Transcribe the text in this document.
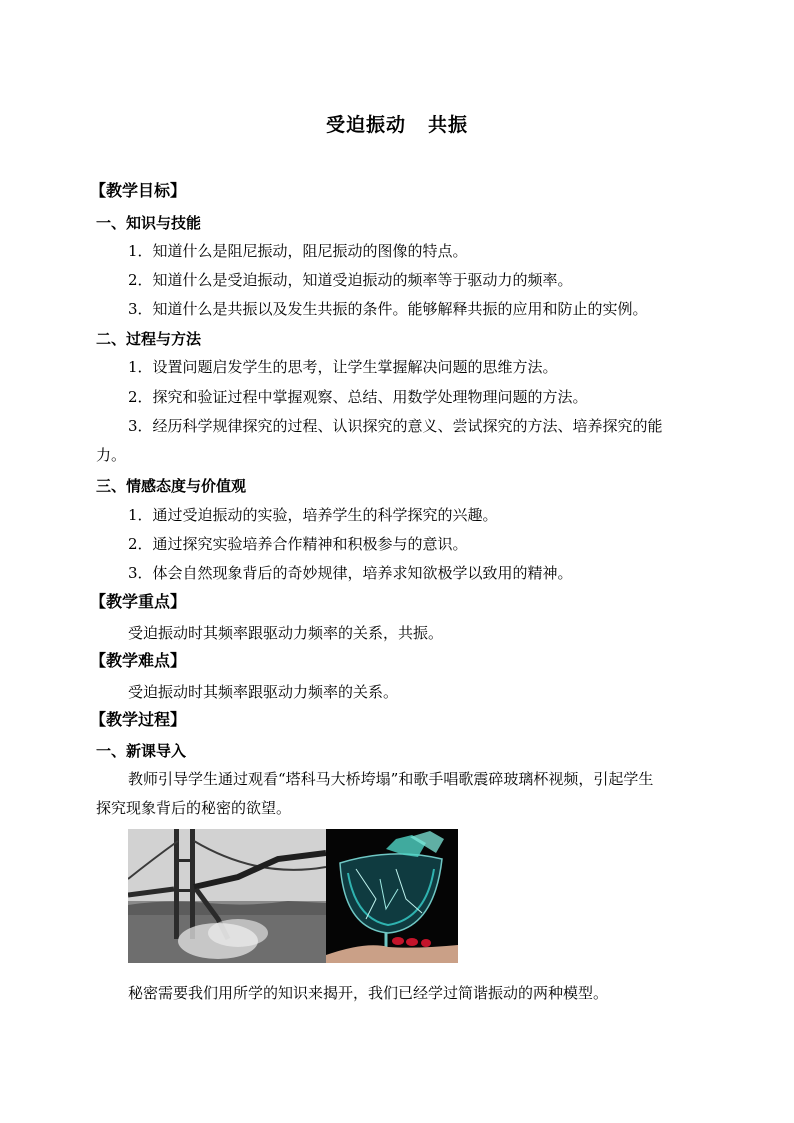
受迫振动 共振
【教学目标】
一、知识与技能
1．知道什么是阻尼振动，阻尼振动的图像的特点。
2．知道什么是受迫振动，知道受迫振动的频率等于驱动力的频率。
3．知道什么是共振以及发生共振的条件。能够解释共振的应用和防止的实例。
二、过程与方法
1．设置问题启发学生的思考，让学生掌握解决问题的思维方法。
2．探究和验证过程中掌握观察、总结、用数学处理物理问题的方法。
3．经历科学规律探究的过程、认识探究的意义、尝试探究的方法、培养探究的能
力。
三、情感态度与价值观
1．通过受迫振动的实验，培养学生的科学探究的兴趣。
2．通过探究实验培养合作精神和积极参与的意识。
3．体会自然现象背后的奇妙规律，培养求知欲极学以致用的精神。
【教学重点】
受迫振动时其频率跟驱动力频率的关系，共振。
【教学难点】
受迫振动时其频率跟驱动力频率的关系。
【教学过程】
一、新课导入
教师引导学生通过观看“塔科马大桥垮塌”和歌手唱歌震碎玻璃杯视频，引起学生
探究现象背后的秘密的欲望。
秘密需要我们用所学的知识来揭开，我们已经学过简谐振动的两种模型。
